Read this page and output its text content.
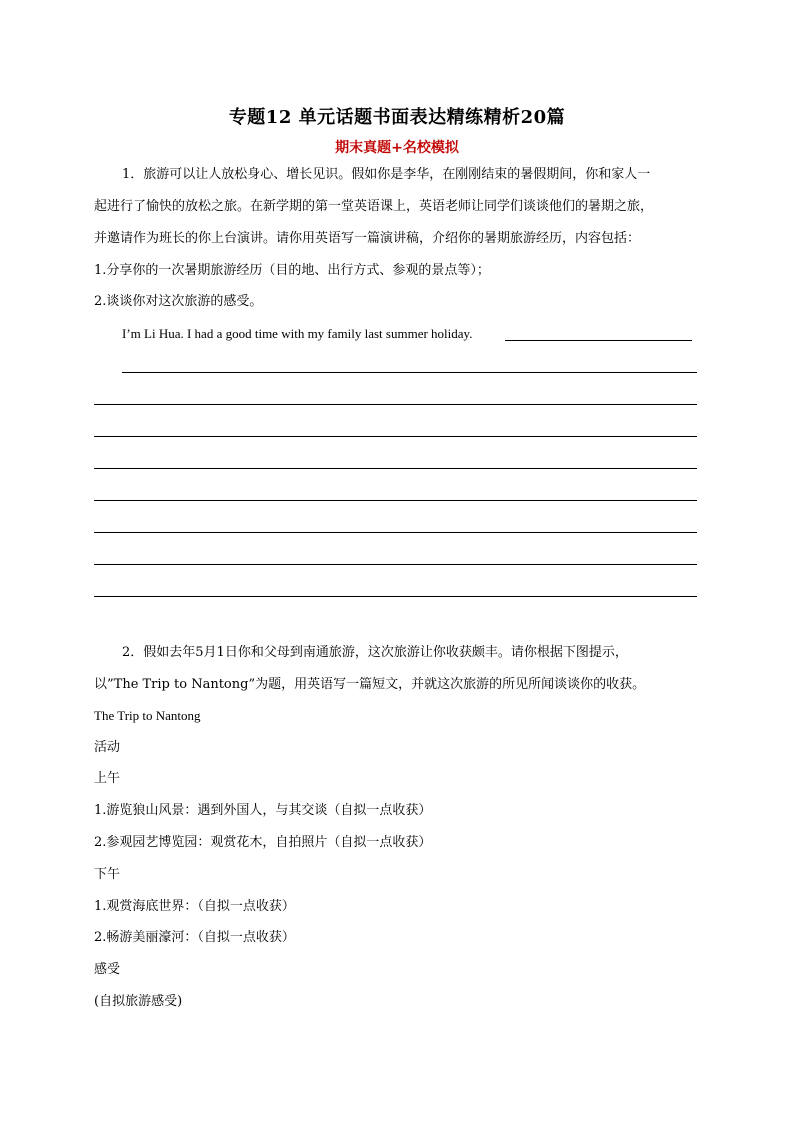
专题12 单元话题书面表达精练精析20篇
期末真题+名校模拟
1．旅游可以让人放松身心、增长见识。假如你是李华，在刚刚结束的暑假期间，你和家人一
起进行了愉快的放松之旅。在新学期的第一堂英语课上，英语老师让同学们谈谈他们的暑期之旅，
并邀请作为班长的你上台演讲。请你用英语写一篇演讲稿，介绍你的暑期旅游经历，内容包括：
1.分享你的一次暑期旅游经历（目的地、出行方式、参观的景点等）；
2.谈谈你对这次旅游的感受。
I’m Li Hua. I had a good time with my family last summer holiday.
2．假如去年5月1日你和父母到南通旅游，这次旅游让你收获颇丰。请你根据下图提示，
以”The Trip to Nantong”为题，用英语写一篇短文，并就这次旅游的所见所闻谈谈你的收获。
The Trip to Nantong
活动
上午
1.游览狼山风景：遇到外国人，与其交谈（自拟一点收获）
2.参观园艺博览园：观赏花木，自拍照片（自拟一点收获）
下午
1.观赏海底世界：（自拟一点收获）
2.畅游美丽濠河：（自拟一点收获）
感受
(自拟旅游感受)
